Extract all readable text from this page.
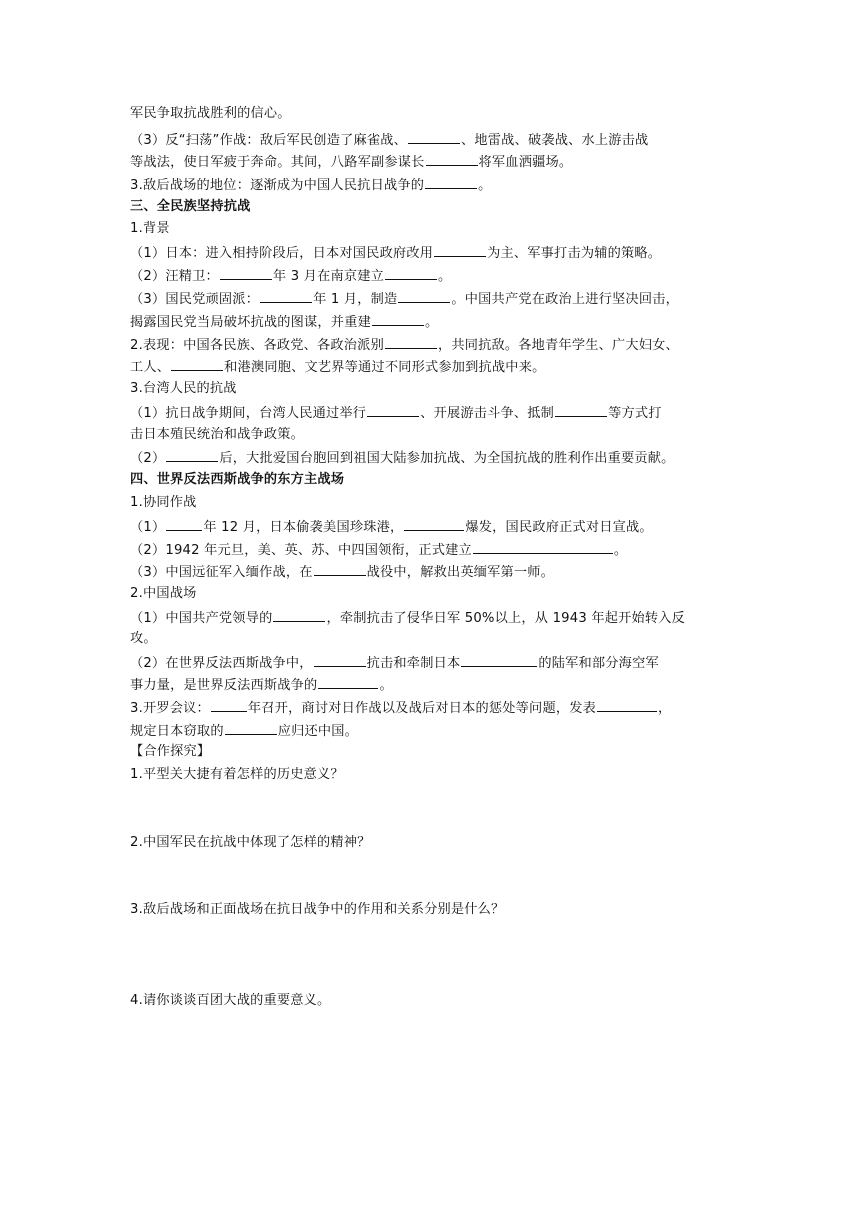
军民争取抗战胜利的信心。
（3）反“扫荡”作战：敌后军民创造了麻雀战、	、地雷战、破袭战、水上游击战
等战法，使日军疲于奔命。其间，八路军副参谋长	将军血洒疆场。
3.敌后战场的地位：逐渐成为中国人民抗日战争的	。
三、全民族坚持抗战
1.背景
（1）日本：进入相持阶段后，日本对国民政府改用	为主、军事打击为辅的策略。
（2）汪精卫：	年 3 月在南京建立	。
（3）国民党顽固派：	年 1 月，制造	。中国共产党在政治上进行坚决回击，
揭露国民党当局破坏抗战的图谋，并重建	。
2.表现：中国各民族、各政党、各政治派别	，共同抗敌。各地青年学生、广大妇女、
工人、	和港澳同胞、文艺界等通过不同形式参加到抗战中来。
3.台湾人民的抗战
（1）抗日战争期间，台湾人民通过举行	、开展游击斗争、抵制	等方式打
击日本殖民统治和战争政策。
（2）	后，大批爱国台胞回到祖国大陆参加抗战、为全国抗战的胜利作出重要贡献。
四、世界反法西斯战争的东方主战场
1.协同作战
（1）	年 12 月，日本偷袭美国珍珠港，	爆发，国民政府正式对日宣战。
（2）1942 年元旦，美、英、苏、中四国领衔，正式建立	。
（3）中国远征军入缅作战，在	战役中，解救出英缅军第一师。
2.中国战场
（1）中国共产党领导的	，牵制抗击了侵华日军 50%以上，从 1943 年起开始转入反
攻。
（2）在世界反法西斯战争中，	抗击和牵制日本	的陆军和部分海空军
事力量，是世界反法西斯战争的	。
3.开罗会议：	年召开，商讨对日作战以及战后对日本的惩处等问题，发表	，
规定日本窃取的	应归还中国。
【合作探究】
1.平型关大捷有着怎样的历史意义？
2.中国军民在抗战中体现了怎样的精神？
3.敌后战场和正面战场在抗日战争中的作用和关系分别是什么？
4.请你谈谈百团大战的重要意义。
